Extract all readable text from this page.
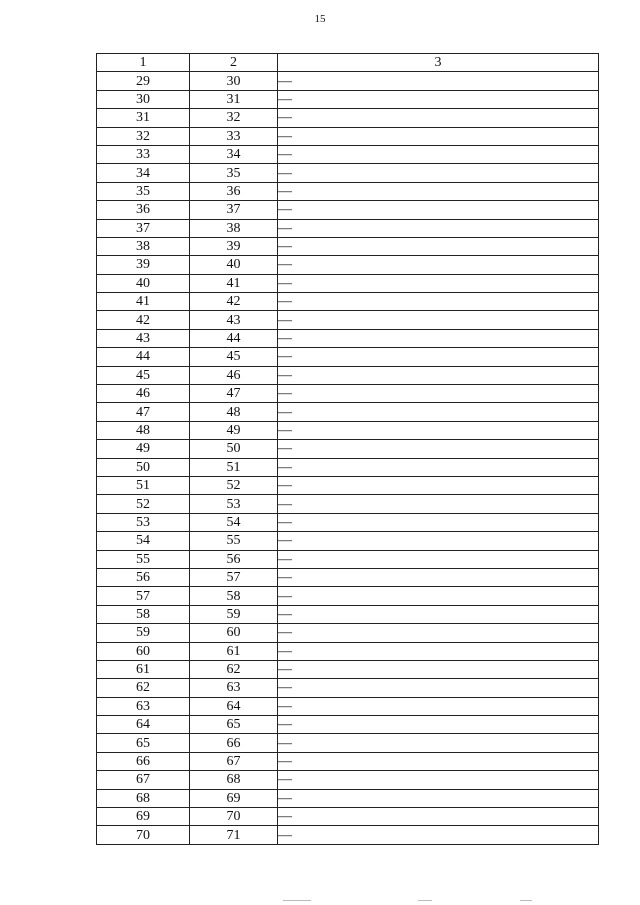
15
1	2	3
29	30	—
30	31	—
31	32	—
32	33	—
33	34	—
34	35	—
35	36	—
36	37	—
37	38	—
38	39	—
39	40	—
40	41	—
41	42	—
42	43	—
43	44	—
44	45	—
45	46	—
46	47	—
47	48	—
48	49	—
49	50	—
50	51	—
51	52	—
52	53	—
53	54	—
54	55	—
55	56	—
56	57	—
57	58	—
58	59	—
59	60	—
60	61	—
61	62	—
62	63	—
63	64	—
64	65	—
65	66	—
66	67	—
67	68	—
68	69	—
69	70	—
70	71	—
